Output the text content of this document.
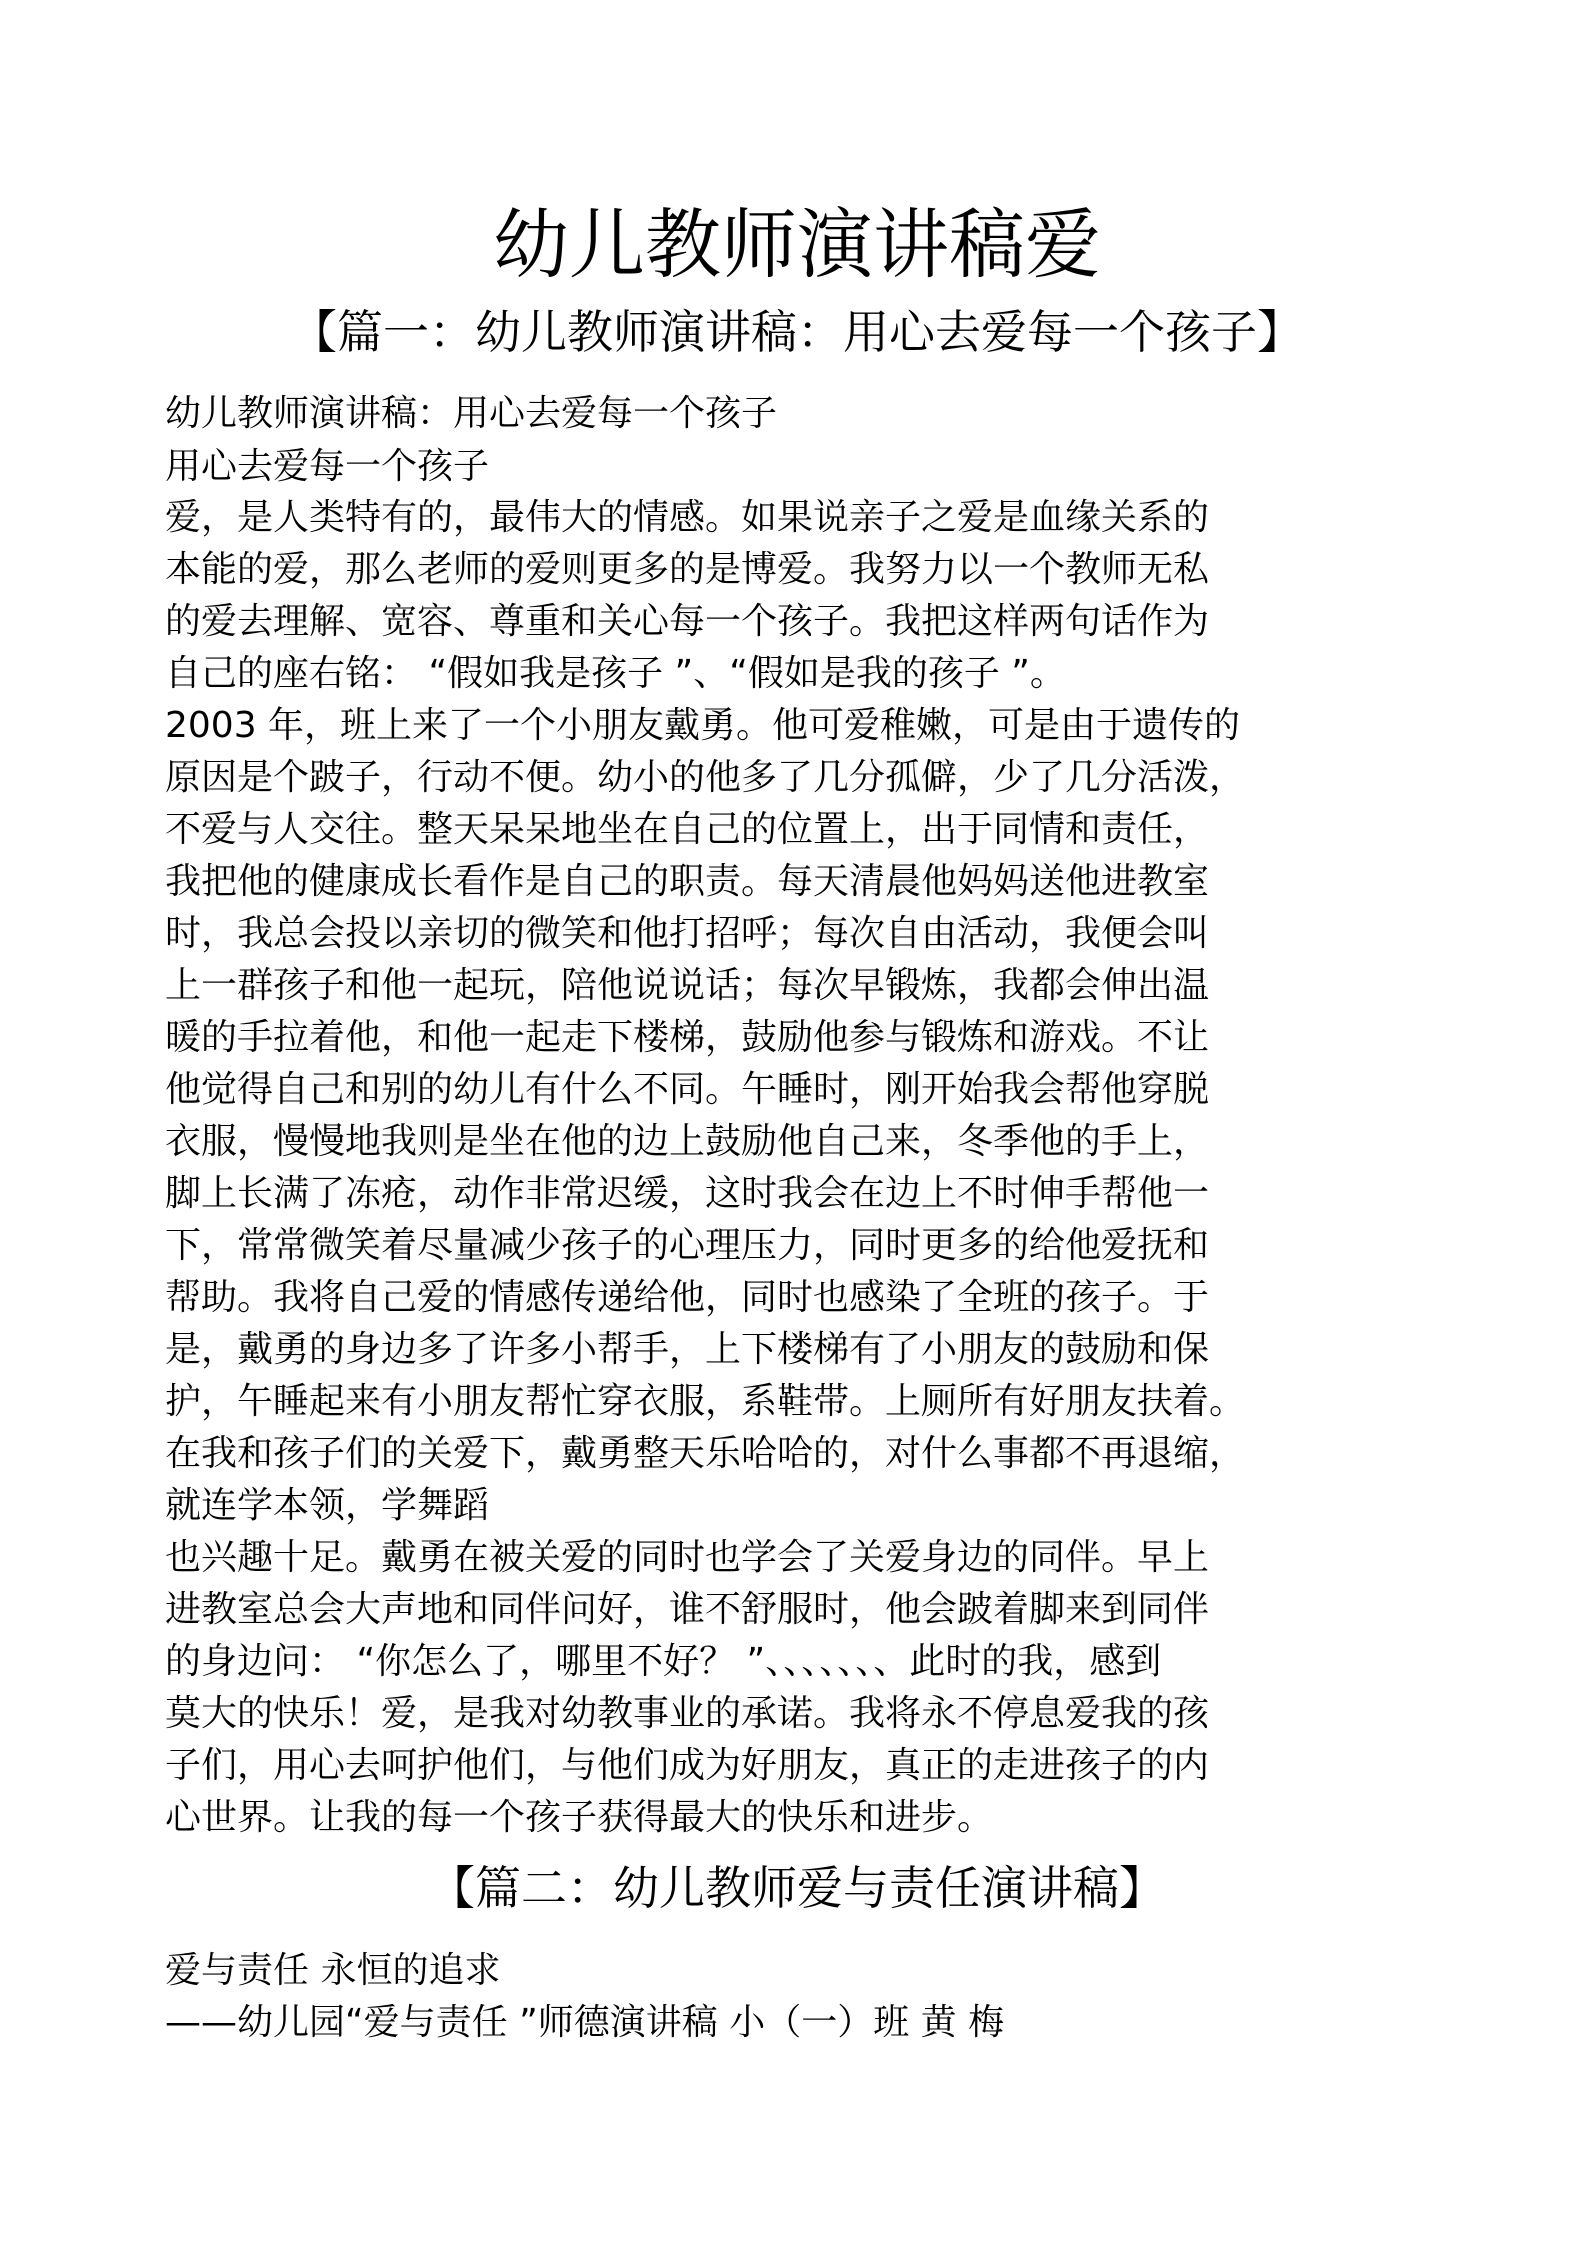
幼儿教师演讲稿爱
【篇一：幼儿教师演讲稿：用心去爱每一个孩子】

幼儿教师演讲稿：用心去爱每一个孩子

用心去爱每一个孩子

爱，是人类特有的，最伟大的情感。如果说亲子之爱是血缘关系的

本能的爱，那么老师的爱则更多的是博爱。我努力以一个教师无私

的爱去理解、宽容、尊重和关心每一个孩子。我把这样两句话作为

自己的座右铭： “假如我是孩子 ”、“假如是我的孩子 ”。

2003 年，班上来了一个小朋友戴勇。他可爱稚嫩，可是由于遗传的

原因是个跛子，行动不便。幼小的他多了几分孤僻，少了几分活泼，

不爱与人交往。整天呆呆地坐在自己的位置上，出于同情和责任，

我把他的健康成长看作是自己的职责。每天清晨他妈妈送他进教室

时，我总会投以亲切的微笑和他打招呼；每次自由活动，我便会叫

上一群孩子和他一起玩，陪他说说话；每次早锻炼，我都会伸出温

暖的手拉着他，和他一起走下楼梯，鼓励他参与锻炼和游戏。不让

他觉得自己和别的幼儿有什么不同。午睡时，刚开始我会帮他穿脱

衣服，慢慢地我则是坐在他的边上鼓励他自己来，冬季他的手上，

脚上长满了冻疮，动作非常迟缓，这时我会在边上不时伸手帮他一

下，常常微笑着尽量减少孩子的心理压力，同时更多的给他爱抚和

帮助。我将自己爱的情感传递给他，同时也感染了全班的孩子。于

是，戴勇的身边多了许多小帮手，上下楼梯有了小朋友的鼓励和保

护，午睡起来有小朋友帮忙穿衣服，系鞋带。上厕所有好朋友扶着。

在我和孩子们的关爱下，戴勇整天乐哈哈的，对什么事都不再退缩，

就连学本领，学舞蹈

也兴趣十足。戴勇在被关爱的同时也学会了关爱身边的同伴。早上

进教室总会大声地和同伴问好，谁不舒服时，他会跛着脚来到同伴

的身边问： “你怎么了，哪里不好？ ”、、、、、、、此时的我，感到

莫大的快乐！爱，是我对幼教事业的承诺。我将永不停息爱我的孩

子们，用心去呵护他们，与他们成为好朋友，真正的走进孩子的内

心世界。让我的每一个孩子获得最大的快乐和进步。

【篇二：幼儿教师爱与责任演讲稿】

爱与责任 永恒的追求

——幼儿园“爱与责任 ”师德演讲稿 小（一）班 黄 梅
